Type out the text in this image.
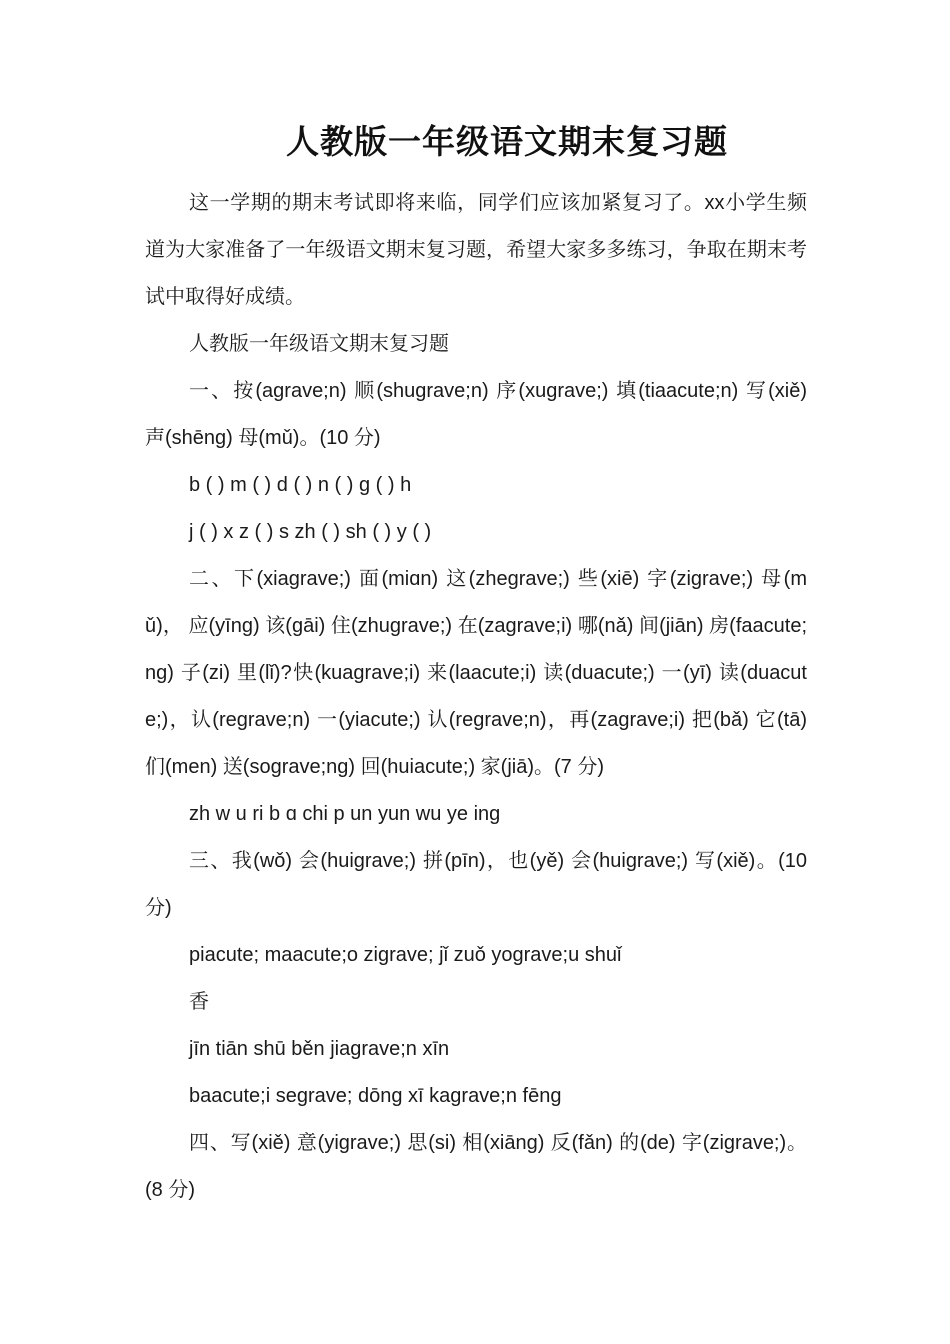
人教版一年级语文期末复习题

这一学期的期末考试即将来临，同学们应该加紧复习了。xx小学生频道为大家准备了一年级语文期末复习题，希望大家多多练习，争取在期末考试中取得好成绩。

人教版一年级语文期末复习题

一、按(agrave;n) 顺(shugrave;n) 序(xugrave;) 填(tiaacute;n) 写(xiě) 声(shēng) 母(mǔ)。(10 分)

b ( ) m ( ) d ( ) n ( ) g ( ) h

j ( ) x z ( ) s zh ( ) sh ( ) y ( )

二、下(xiagrave;) 面(miɑn) 这(zhegrave;) 些(xiē) 字(zigrave;) 母(mǔ)， 应(yīng) 该(gāi) 住(zhugrave;) 在(zagrave;i) 哪(nǎ) 间(jiān) 房(faacute;ng) 子(zi) 里(lǐ)?快(kuagrave;i) 来(laacute;i) 读(duacute;) 一(yī) 读(duacute;)，认(regrave;n) 一(yiacute;) 认(regrave;n)，再(zagrave;i) 把(bǎ) 它(tā) 们(men) 送(sograve;ng) 回(huiacute;) 家(jiā)。(7 分)

zh w u ri b ɑ chi p un yun wu ye ing

三、我(wǒ) 会(huigrave;) 拼(pīn)，也(yě) 会(huigrave;) 写(xiě)。(10 分)

piacute; maacute;o zigrave; jǐ zuǒ yograve;u shuǐ

香

jīn tiān shū běn jiagrave;n xīn

baacute;i segrave; dōng xī kagrave;n fēng

四、写(xiě) 意(yigrave;) 思(si) 相(xiāng) 反(fǎn) 的(de) 字(zigrave;)。(8 分)
